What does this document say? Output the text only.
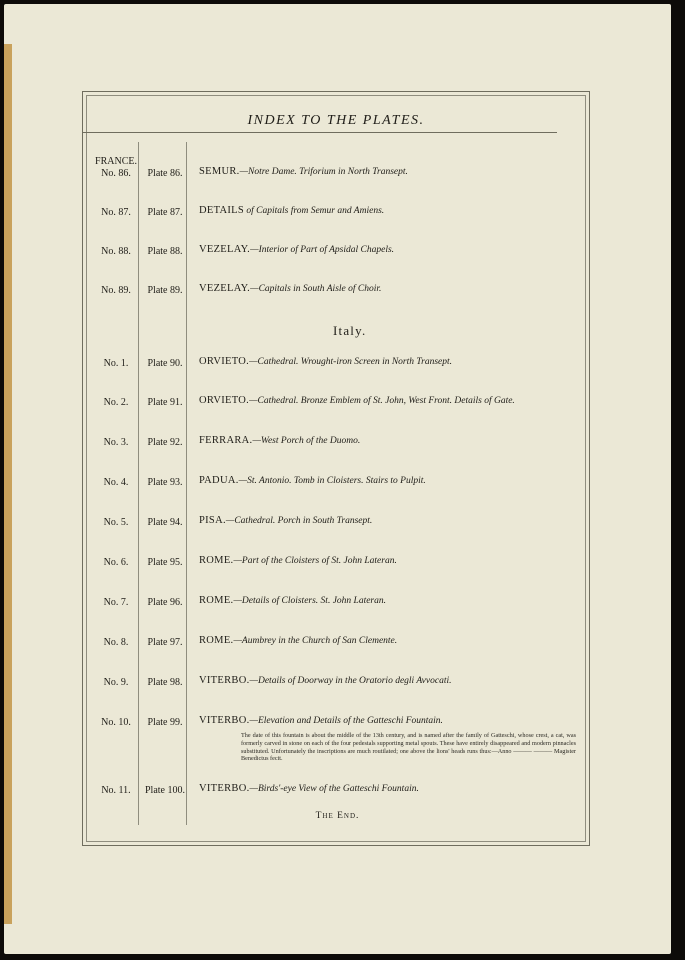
INDEX TO THE PLATES.
FRANCE.
Italy.
No. 86.	Plate 86.	SEMUR.—Notre Dame. Triforium in North Transept.
No. 87.	Plate 87.	DETAILS of Capitals from Semur and Amiens.
No. 88.	Plate 88.	VEZELAY.—Interior of Part of Apsidal Chapels.
No. 89.	Plate 89.	VEZELAY.—Capitals in South Aisle of Choir.
No. 1.	Plate 90.	ORVIETO.—Cathedral. Wrought-iron Screen in North Transept.
No. 2.	Plate 91.	ORVIETO.—Cathedral. Bronze Emblem of St. John, West Front. Details of Gate.
No. 3.	Plate 92.	FERRARA.—West Porch of the Duomo.
No. 4.	Plate 93.	PADUA.—St. Antonio. Tomb in Cloisters. Stairs to Pulpit.
No. 5.	Plate 94.	PISA.—Cathedral. Porch in South Transept.
No. 6.	Plate 95.	ROME.—Part of the Cloisters of St. John Lateran.
No. 7.	Plate 96.	ROME.—Details of Cloisters. St. John Lateran.
No. 8.	Plate 97.	ROME.—Aumbrey in the Church of San Clemente.
No. 9.	Plate 98.	VITERBO.—Details of Doorway in the Oratorio degli Avvocati.
No. 10.	Plate 99.	VITERBO.—Elevation and Details of the Gatteschi Fountain.
The date of this fountain is about the middle of the 13th century, and is named after the family of Gatteschi, whose crest, a cat, was formerly carved in stone on each of the four pedestals supporting metal spouts. These have entirely disappeared and modern pinnacles substituted. Unfortunately the inscriptions are much routilated; one above the lions' heads runs thus:—Anno ——— ——— Magister Benedictus fecit.
No. 11.	Plate 100. VITERBO.—Birds'-eye View of the Gatteschi Fountain.
The End.
